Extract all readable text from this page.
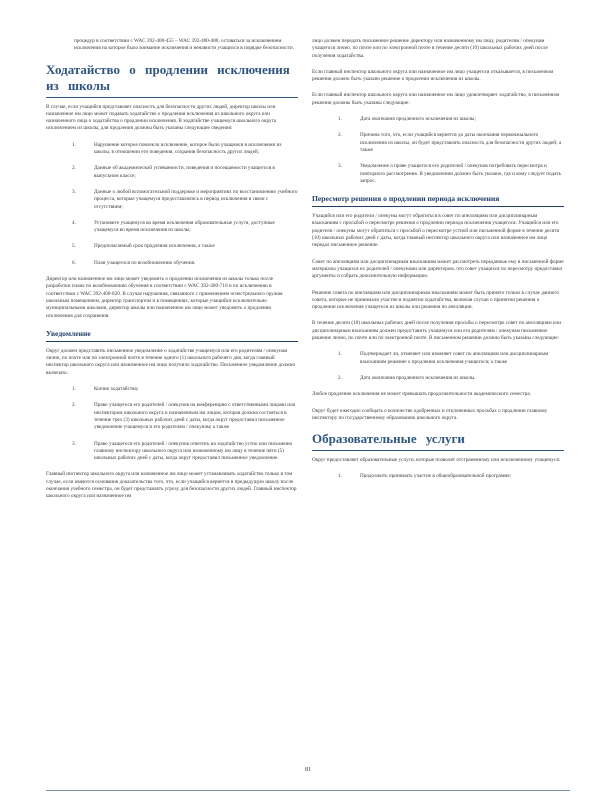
процедур в соответствии с WAC 392-400-455 – WAC 392-400-480, оставаться за исключением исключения на которое было взимание исключения и ненависти учащихся в порядке безопасности.

Ходатайство о продлении исключения из школы

В случае, если учащийся представляет опасность для безопасности других людей, директор школы или назначенное им лицо может подавать ходатайство о продлении исключения из школьного округа или назначенного лица о ходатайства о продлении исключения. В ходатайстве учащемуся школьного округа исключением из школы, для продления должны быть указаны следующие сведения:

1.	Нарушение которое повлекло исключение, которое было учащимся в исключении из школы, в отношении его поведения, сохранив безопасность других людей;
2.	Данные об академической успеваемости, поведения и посещаемости учащегося в выпускном классе;
3.	Данные о любой вспомогательной поддержке и мероприятиях по восстановлению учебного процесса, которые учащемуся предоставлялись в период исключения в связи с отсутствием;
4.	Установите учащемуся во время исключения образовательные услуги, доступные учащемуся во время исключения из школы;
5.	Предполагаемый срок продления исключения, а также
6.	План учащегося по возобновлению обучения.

Директор или назначенное им лицо может уведомить о продлении исключения из школы только после разработки плана по возобновлению обучения в соответствии с WAC 392-400-710 и по исключению в соответствии с WAC 392-400-820. В случае нарушения, связанного с применением огнестрельного оружия школьным помещением, директор транспортом и в помещениях, которые учащийся исключительно муниципальными школами, директор школы или назначенное им лицо может уведомить о продлении исключения для сохранения.

Уведомление

Округ должен представить письменное уведомление о ходатайстве учащемуся или его родителям / опекунам лично, по почте или по электронной почте в течение одного (1) школьного рабочего дня, когда главный инспектор школьного округа или назначенное им лицо получило ходатайство. Письменное уведомление должно включать:

1.	Копию ходатайства;
2.	Право учащегося его родителей / опекунов на конференцию с ответственными лицами или инспектором школьного округа и назначенным им лицом, которая должна состояться в течение трех (3) школьных рабочих дней с даты, когда округ предоставил письменное уведомление учащемуся и его родителям / опекунам; а также
3.	Право учащегося его родителей / опекунов ответить на ходатайство устно или письменно главному инспектору школьного округа или назначенному им лицу в течение пяти (5) школьных рабочих дней с даты, когда округ предоставил письменное уведомление.

Главный инспектор школьного округа или назначенное им лицо может устанавливать ходатайство только в том случае, если имеются основания доказательства того, что, если учащийся вернется в предыдущую школу после окончания учебного семестра, он будет представлять угрозу для безопасности других людей. Главный инспектор школьного округа или назначенное им

лицо должен передать письменное решение директору или назначенному им лицу, родителям / опекунам учащегося лично, по почте или по электронной почте в течение десяти (10) школьных рабочих дней после получения ходатайства.

Если главный инспектор школьного округа или назначенное им лицо учащегося отказывается, в письменном решении должно быть указано решение о продлении исключения из школы.

Если главный инспектор школьного округа или назначенное им лицо удовлетворяет ходатайство, в письменном решении должны быть указаны следующие:

1.	Дата окончания продленного исключения из школы;
2.	Причина того, что, если учащийся вернется до даты окончания первоначального исключения из школы, он будет представлять опасность для безопасности других людей; а также
3.	Уведомление о праве учащегося его родителей / опекунов потребовать пересмотра и повторного рассмотрения. В уведомлении должно быть указано, где и кому следует подать запрос.
Пересмотр решения о продлении периода исключения

Учащийся или его родители / опекуны могут обратиться в совет по апелляциям или дисциплинарным взысканиям с просьбой о пересмотре решения о продлении периода исключения учащегося. Учащийся или его родители / опекуны могут обратиться с просьбой о пересмотре устной или письменной форме в течение десяти (10) школьных рабочих дней с даты, когда главный инспектор школьного округа или назначенное им лицо передал письменное решение.

Совет по апелляциям или дисциплинарным взысканиям может рассмотреть переданные ему в письменной форме материалы учащихся их родителей / опекунами или директором, что совет учащихся по пересмотру предоставил аргументы и собрать дополнительную информацию.

Решение совета по апелляциям или дисциплинарным взысканиям может быть принято только в случае данного совета, которые не принимали участие в поднятии ходатайства, включая случаи о принятии решения о продлении исключения учащегося из школы или решения по апелляции.

В течение десяти (10) школьных рабочих дней после получения просьбы о пересмотре совет по апелляциям или дисциплинарным взысканиям должен предоставить учащемуся или его родителям / опекунам письменное решение лично, по почте или по электронной почте. В письменном решении должно быть указаны следующие:

1.	Подтверждает ли, отменяет или изменяет совет по апелляциям или дисциплинарным взысканиям решение о продлении исключения учащегося; а также
2.	Дата окончания продленного исключения из школы.

Любое продление исключения не может превышать продолжительности академического семестра.

Округ будет ежегодно сообщать о количестве одобренных и отклоненных просьбах о продлении главному инспектору по государственному образованию школьного округа.

Образовательные услуги

Округ предоставляет образовательные услуги, которые позволят отстраненному или исключенному учащемуся:

1.	Продолжить принимать участие в общеобразовательной программе;
81
